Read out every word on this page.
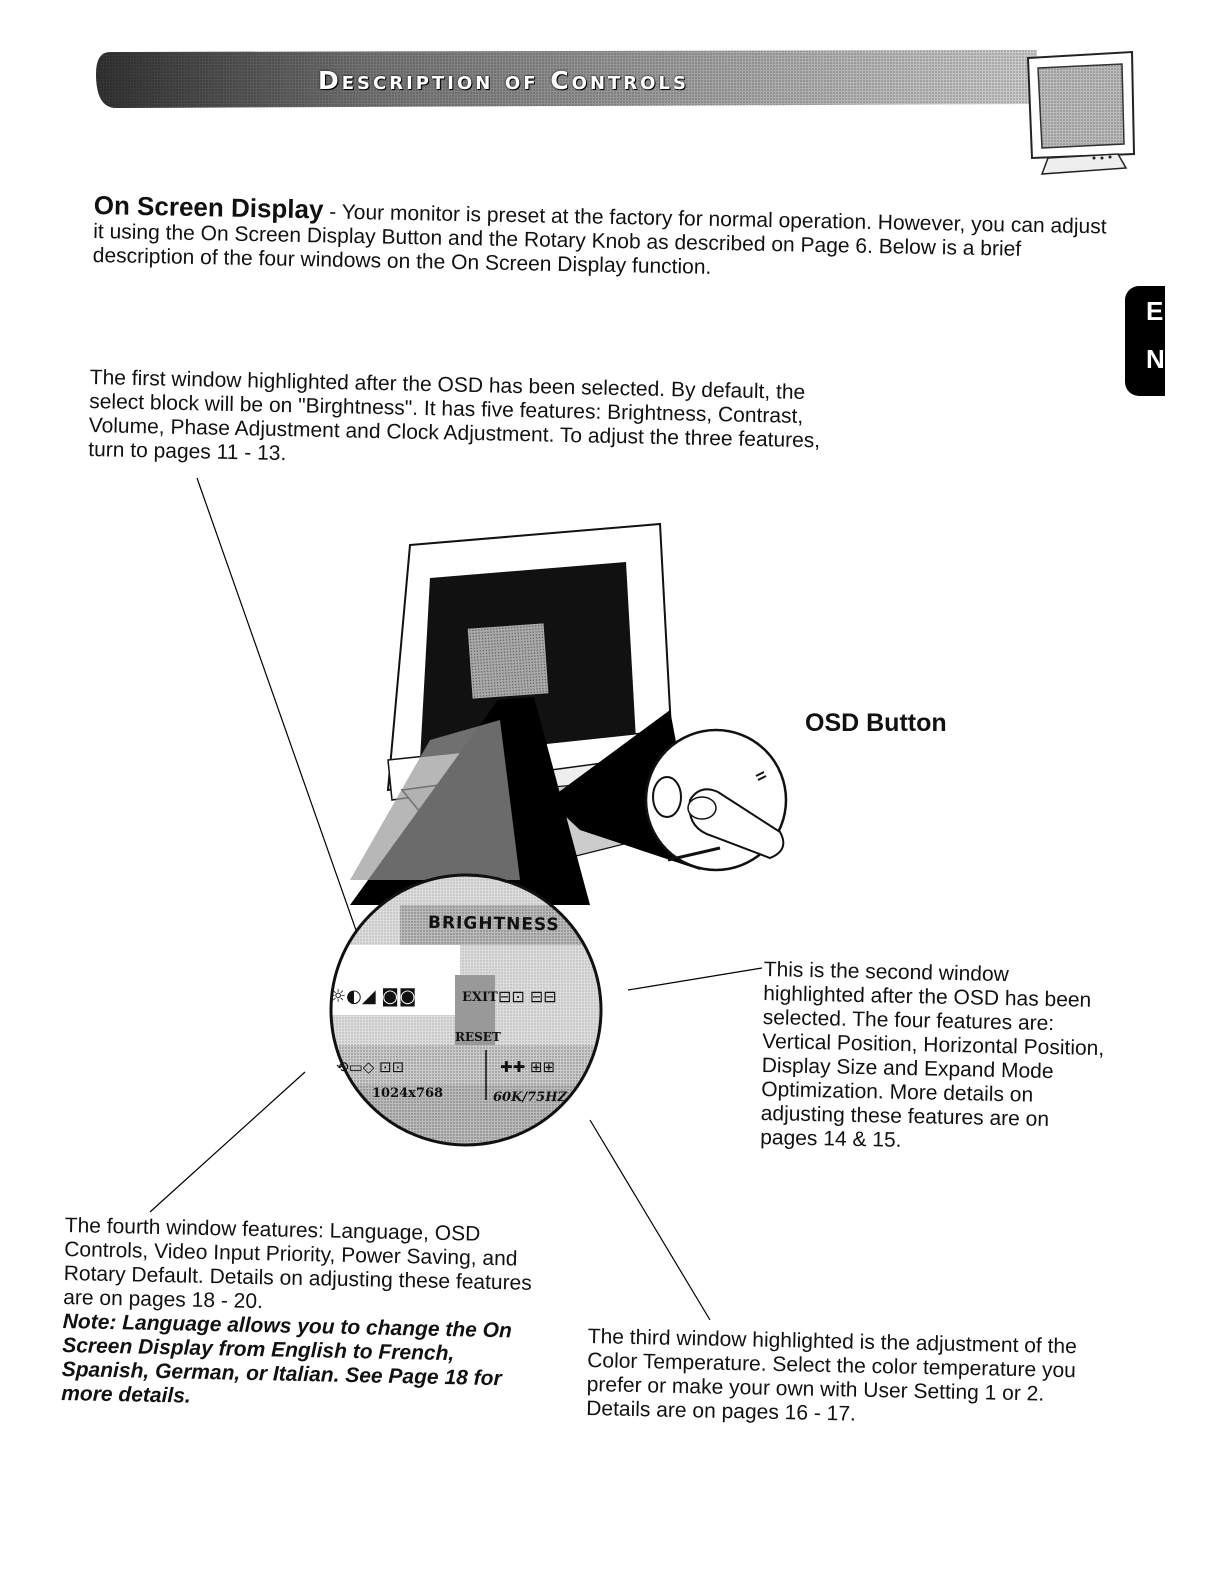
Description of Controls
E
N
On Screen Display - Your monitor is preset at the factory for normal operation. However, you can adjust it using the On Screen Display Button and the Rotary Knob as described on Page 6. Below is a brief description of the four windows on the On Screen Display function.
The first window highlighted after the OSD has been selected. By default, the select block will be on "Birghtness". It has five features: Brightness, Contrast, Volume, Phase Adjustment and Clock Adjustment. To adjust the three features, turn to pages 11 - 13.
☼◐◢ ◙◙	⊟⊡ ⊟⊟
⟲▭◇ ⊡⊡	✚✚ ⊞⊞
BRIGHTNESS
EXIT
RESET
1024x768	60K/75HZ
OSD Button
This is the second window highlighted after the OSD has been selected. The four features are: Vertical Position, Horizontal Position, Display Size and Expand Mode Optimization. More details on adjusting these features are on pages 14 & 15.
The fourth window features: Language, OSD Controls, Video Input Priority, Power Saving, and Rotary Default. Details on adjusting these features are on pages 18 - 20.
Note: Language allows you to change the On Screen Display from English to French, Spanish, German, or Italian. See Page 18 for more details.
The third window highlighted is the adjustment of the Color Temperature. Select the color temperature you prefer or make your own with User Setting 1 or 2. Details are on pages 16 - 17.
